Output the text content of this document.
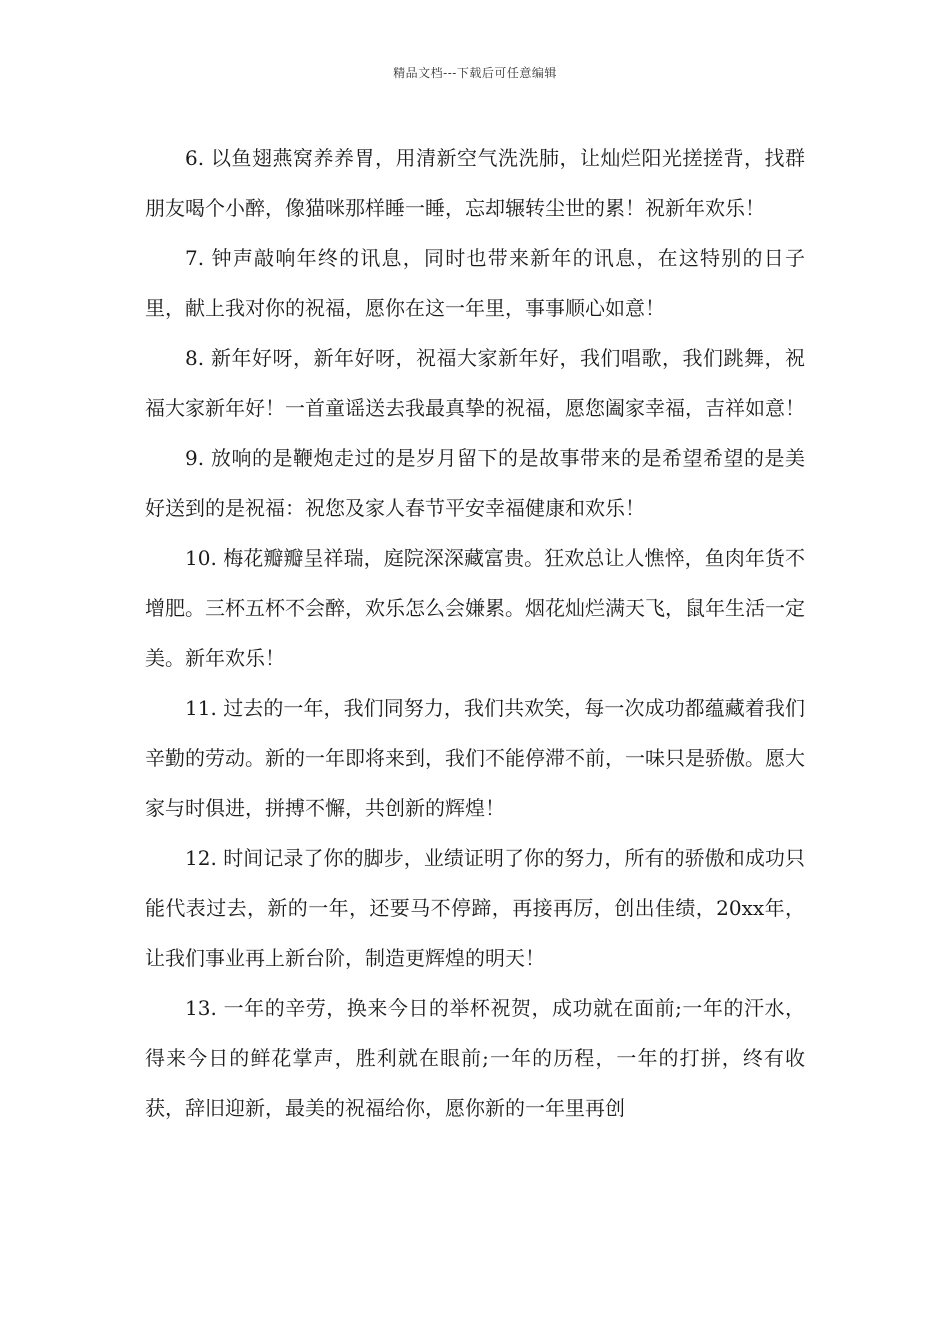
精品文档---下载后可任意编辑

6. 以鱼翅燕窝养养胃，用清新空气洗洗肺，让灿烂阳光搓搓背，找群朋友喝个小醉，像猫咪那样睡一睡，忘却辗转尘世的累！祝新年欢乐！

7. 钟声敲响年终的讯息，同时也带来新年的讯息，在这特别的日子里，献上我对你的祝福，愿你在这一年里，事事顺心如意！

8. 新年好呀，新年好呀，祝福大家新年好，我们唱歌，我们跳舞，祝福大家新年好！一首童谣送去我最真挚的祝福，愿您阖家幸福，吉祥如意！

9. 放响的是鞭炮走过的是岁月留下的是故事带来的是希望希望的是美好送到的是祝福：祝您及家人春节平安幸福健康和欢乐！

10. 梅花瓣瓣呈祥瑞，庭院深深藏富贵。狂欢总让人憔悴，鱼肉年货不增肥。三杯五杯不会醉，欢乐怎么会嫌累。烟花灿烂满天飞，鼠年生活一定美。新年欢乐！

11. 过去的一年，我们同努力，我们共欢笑，每一次成功都蕴藏着我们辛勤的劳动。新的一年即将来到，我们不能停滞不前，一味只是骄傲。愿大家与时俱进，拼搏不懈，共创新的辉煌！

12. 时间记录了你的脚步，业绩证明了你的努力，所有的骄傲和成功只能代表过去，新的一年，还要马不停蹄，再接再厉，创出佳绩，20xx年，让我们事业再上新台阶，制造更辉煌的明天！

13. 一年的辛劳，换来今日的举杯祝贺，成功就在面前;一年的汗水，得来今日的鲜花掌声，胜利就在眼前;一年的历程，一年的打拼，终有收获，辞旧迎新，最美的祝福给你，愿你新的一年里再创
